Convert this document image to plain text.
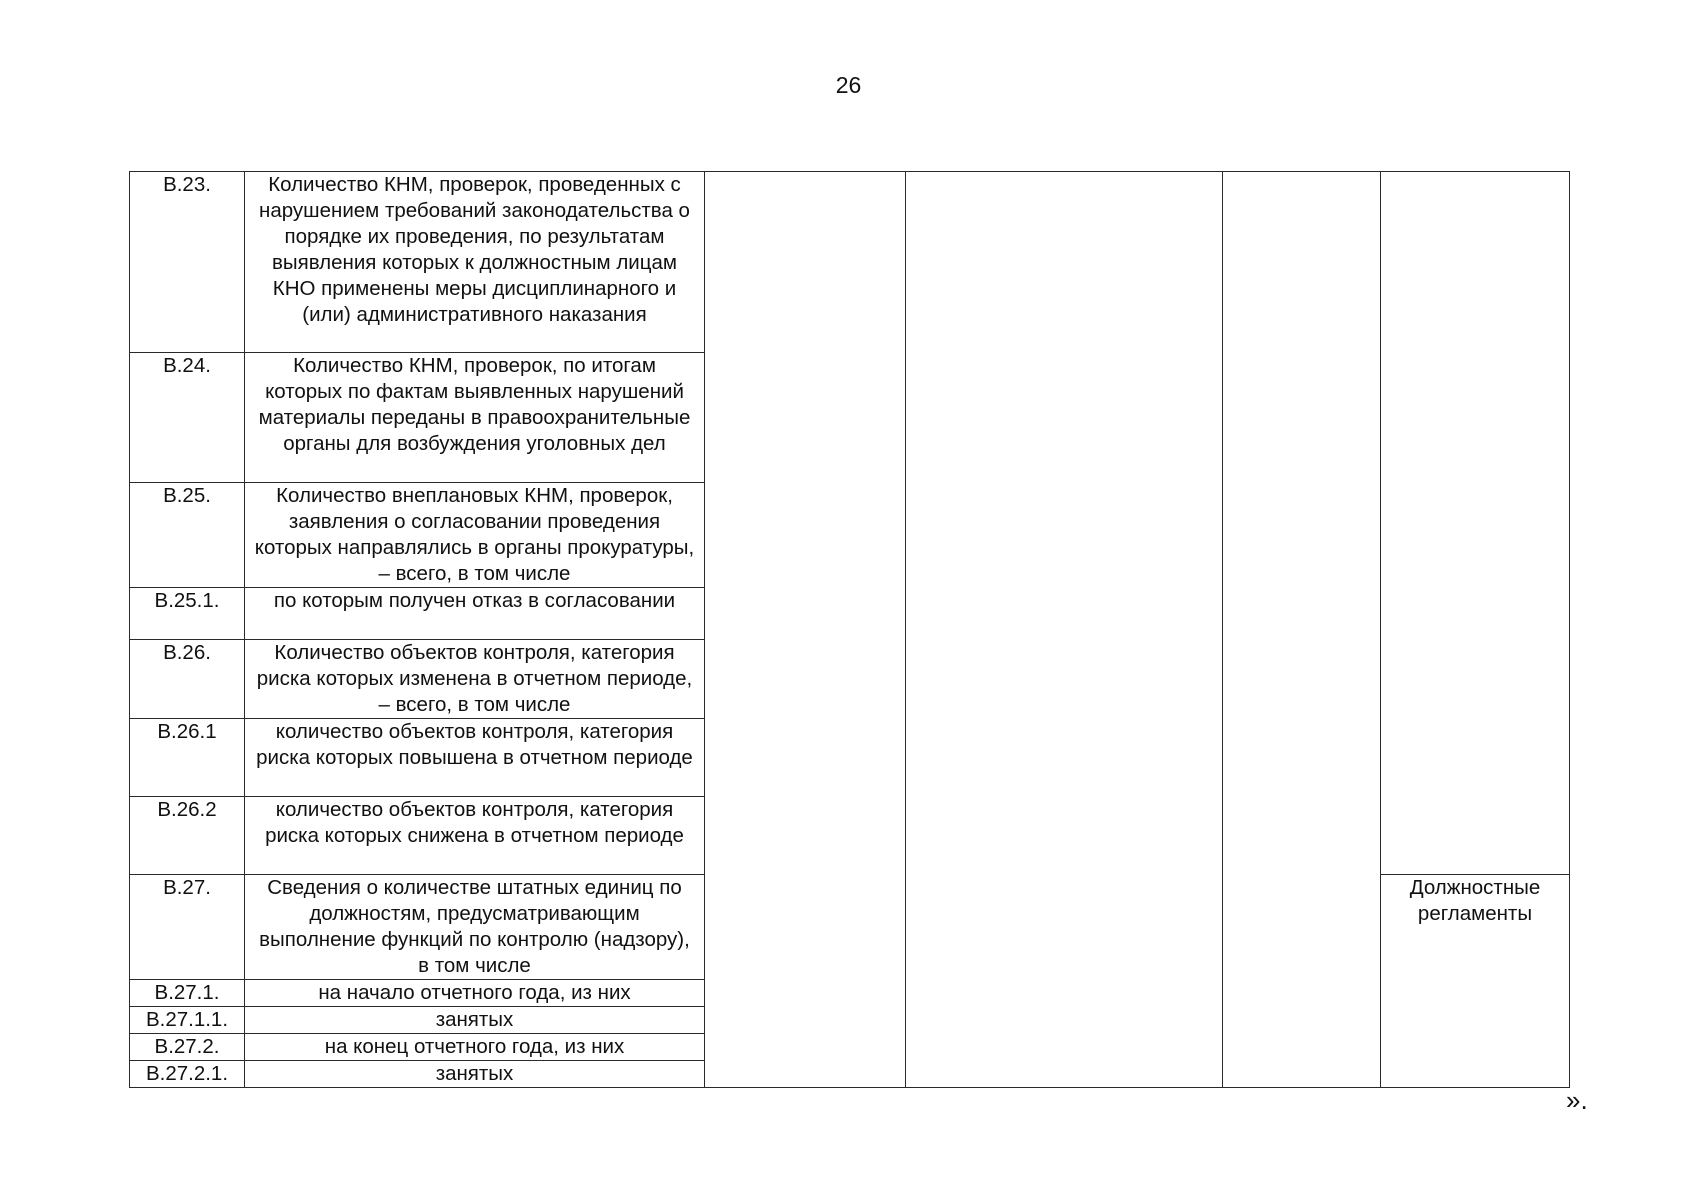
26
В.23.	Количество КНМ, проверок, проведенных с нарушением требований законодательства о порядке их проведения, по результатам выявления которых к должностным лицам КНО применены меры дисциплинарного и (или) административного наказания				
В.24.	Количество КНМ, проверок, по итогам которых по фактам выявленных нарушений материалы переданы в правоохранительные органы для возбуждения уголовных дел				
В.25.	Количество внеплановых КНМ, проверок, заявления о согласовании проведения которых направлялись в органы прокуратуры, – всего, в том числе				
В.25.1.	по которым получен отказ в согласовании				
В.26.	Количество объектов контроля, категория риска которых изменена в отчетном периоде, – всего, в том числе				
В.26.1	количество объектов контроля, категория риска которых повышена в отчетном периоде				
В.26.2	количество объектов контроля, категория риска которых снижена в отчетном периоде				
В.27.	Сведения о количестве штатных единиц по должностям, предусматривающим выполнение функций по контролю (надзору), в том числе				Должностные регламенты
В.27.1.	на начало отчетного года, из них				
В.27.1.1.	занятых				
В.27.2.	на конец отчетного года, из них				
В.27.2.1.	занятых				
».
